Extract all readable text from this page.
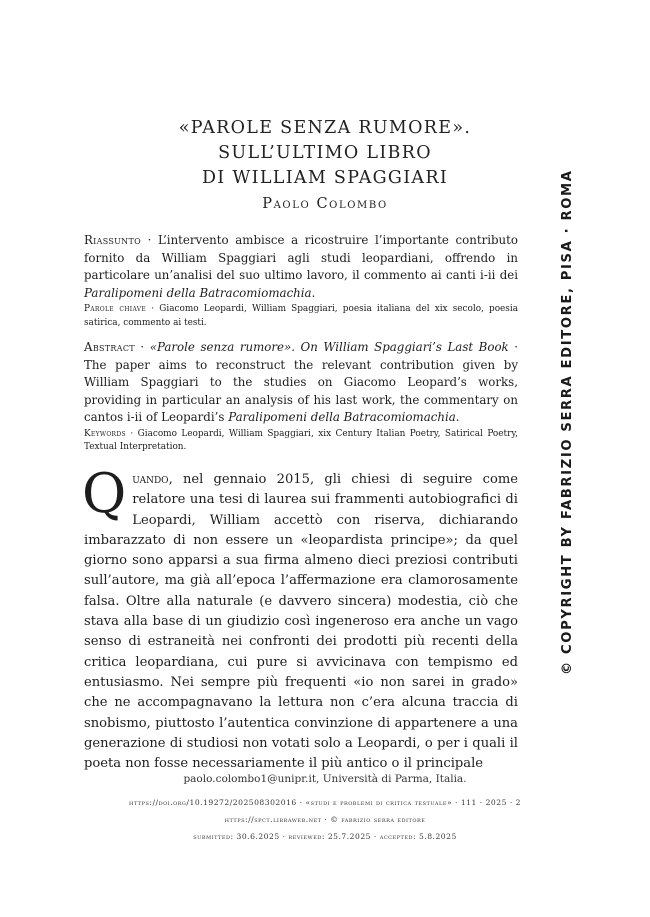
«PAROLE SENZA RUMORE».
SULL’ULTIMO LIBRO
DI WILLIAM SPAGGIARI
Paolo Colombo
Riassunto · L’intervento ambisce a ricostruire l’importante contributo fornito da William Spaggiari agli studi leopardiani, offrendo in particolare un’analisi del suo ultimo lavoro, il commento ai canti i-ii dei Paralipomeni della Batracomiomachia.
Parole chiave · Giacomo Leopardi, William Spaggiari, poesia italiana del xix secolo, poesia satirica, commento ai testi.
Abstract · «Parole senza rumore». On William Spaggiari’s Last Book · The paper aims to reconstruct the relevant contribution given by William Spaggiari to the studies on Giacomo Leopard’s works, providing in particular an analysis of his last work, the commentary on cantos i-ii of Leopardi’s Paralipomeni della Batracomiomachia.
Keywords · Giacomo Leopardi, William Spaggiari, xix Century Italian Poetry, Satirical Poetry, Textual Interpretation.
Quando, nel gennaio 2015, gli chiesi di seguire come relatore una tesi di laurea sui frammenti autobiografici di Leopardi, William accettò con riserva, dichiarando imbarazzato di non essere un «leopardista principe»; da quel giorno sono apparsi a sua firma almeno dieci preziosi contributi sull’autore, ma già all’epoca l’affermazione era clamorosamente falsa. Oltre alla naturale (e davvero sincera) modestia, ciò che stava alla base di un giudizio così ingeneroso era anche un vago senso di estraneità nei confronti dei prodotti più recenti della critica leopardiana, cui pure si avvicinava con tempismo ed entusiasmo. Nei sempre più frequenti «io non sarei in grado» che ne accompagnavano la lettura non c’era alcuna traccia di snobismo, piuttosto l’autentica convinzione di appartenere a una generazione di studiosi non votati solo a Leopardi, o per i quali il poeta non fosse necessariamente il più antico o il principale
paolo.colombo1@unipr.it, Università di Parma, Italia.
https://doi.org/10.19272/202508302016 · «studi e problemi di critica testuale» · 111 · 2025 · 2
https://spct.libraweb.net · © fabrizio serra editore
submitted: 30.6.2025 · reviewed: 25.7.2025 · accepted: 5.8.2025
© COPYRIGHT BY FABRIZIO SERRA EDITORE, PISA · ROMA
